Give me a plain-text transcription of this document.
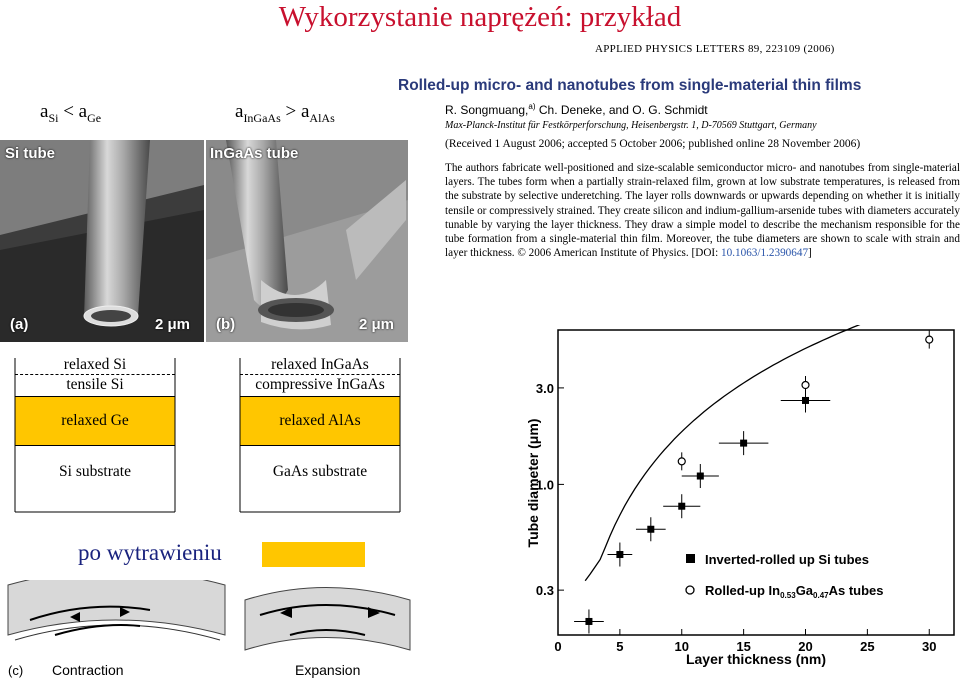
Wykorzystanie naprężeń: przykład
$a_{Si} < a_{Ge}$	$a_{InGaAs} > a_{AlAs}$
Si tube
(a)	2 μm
InGaAs tube
(b)	2 μm
APPLIED PHYSICS LETTERS 89, 223109 (2006)
Rolled-up micro- and nanotubes from single-material thin films
R. Songmuang,$^{a)}$ Ch. Deneke, and O. G. Schmidt
Max-Planck-Institut für Festkörperforschung, Heisenbergstr. 1, D-70569 Stuttgart, Germany
(Received 1 August 2006; accepted 5 October 2006; published online 28 November 2006)
The authors fabricate well-positioned and size-scalable semiconductor micro- and nanotubes from single-material layers. The tubes form when a partially strain-relaxed film, grown at low substrate temperatures, is released from the substrate by selective underetching. The layer rolls downwards or upwards depending on whether it is initially tensile or compressively strained. They create silicon and indium-gallium-arsenide tubes with diameters accurately tunable by varying the layer thickness. They draw a simple model to describe the mechanism responsible for the tube formation from a single-material thin film. Moreover, the tube diameters are shown to scale with strain and layer thickness. © 2006 American Institute of Physics. [DOI: 10.1063/1.2390647]
relaxed Si
tensile Si
relaxed Ge
Si substrate
relaxed InGaAs
compressive InGaAs
relaxed AlAs
GaAs substrate
po wytrawieniu
(c) Contraction	Expansion
0	5	10	15	20	25	30
0.3
1.0
3.0
Inverted-rolled up Si tubes
Rolled-up $In_{0.53}Ga_{0.47}As$ tubes
Layer thickness (nm)
Tube diameter (μm)
